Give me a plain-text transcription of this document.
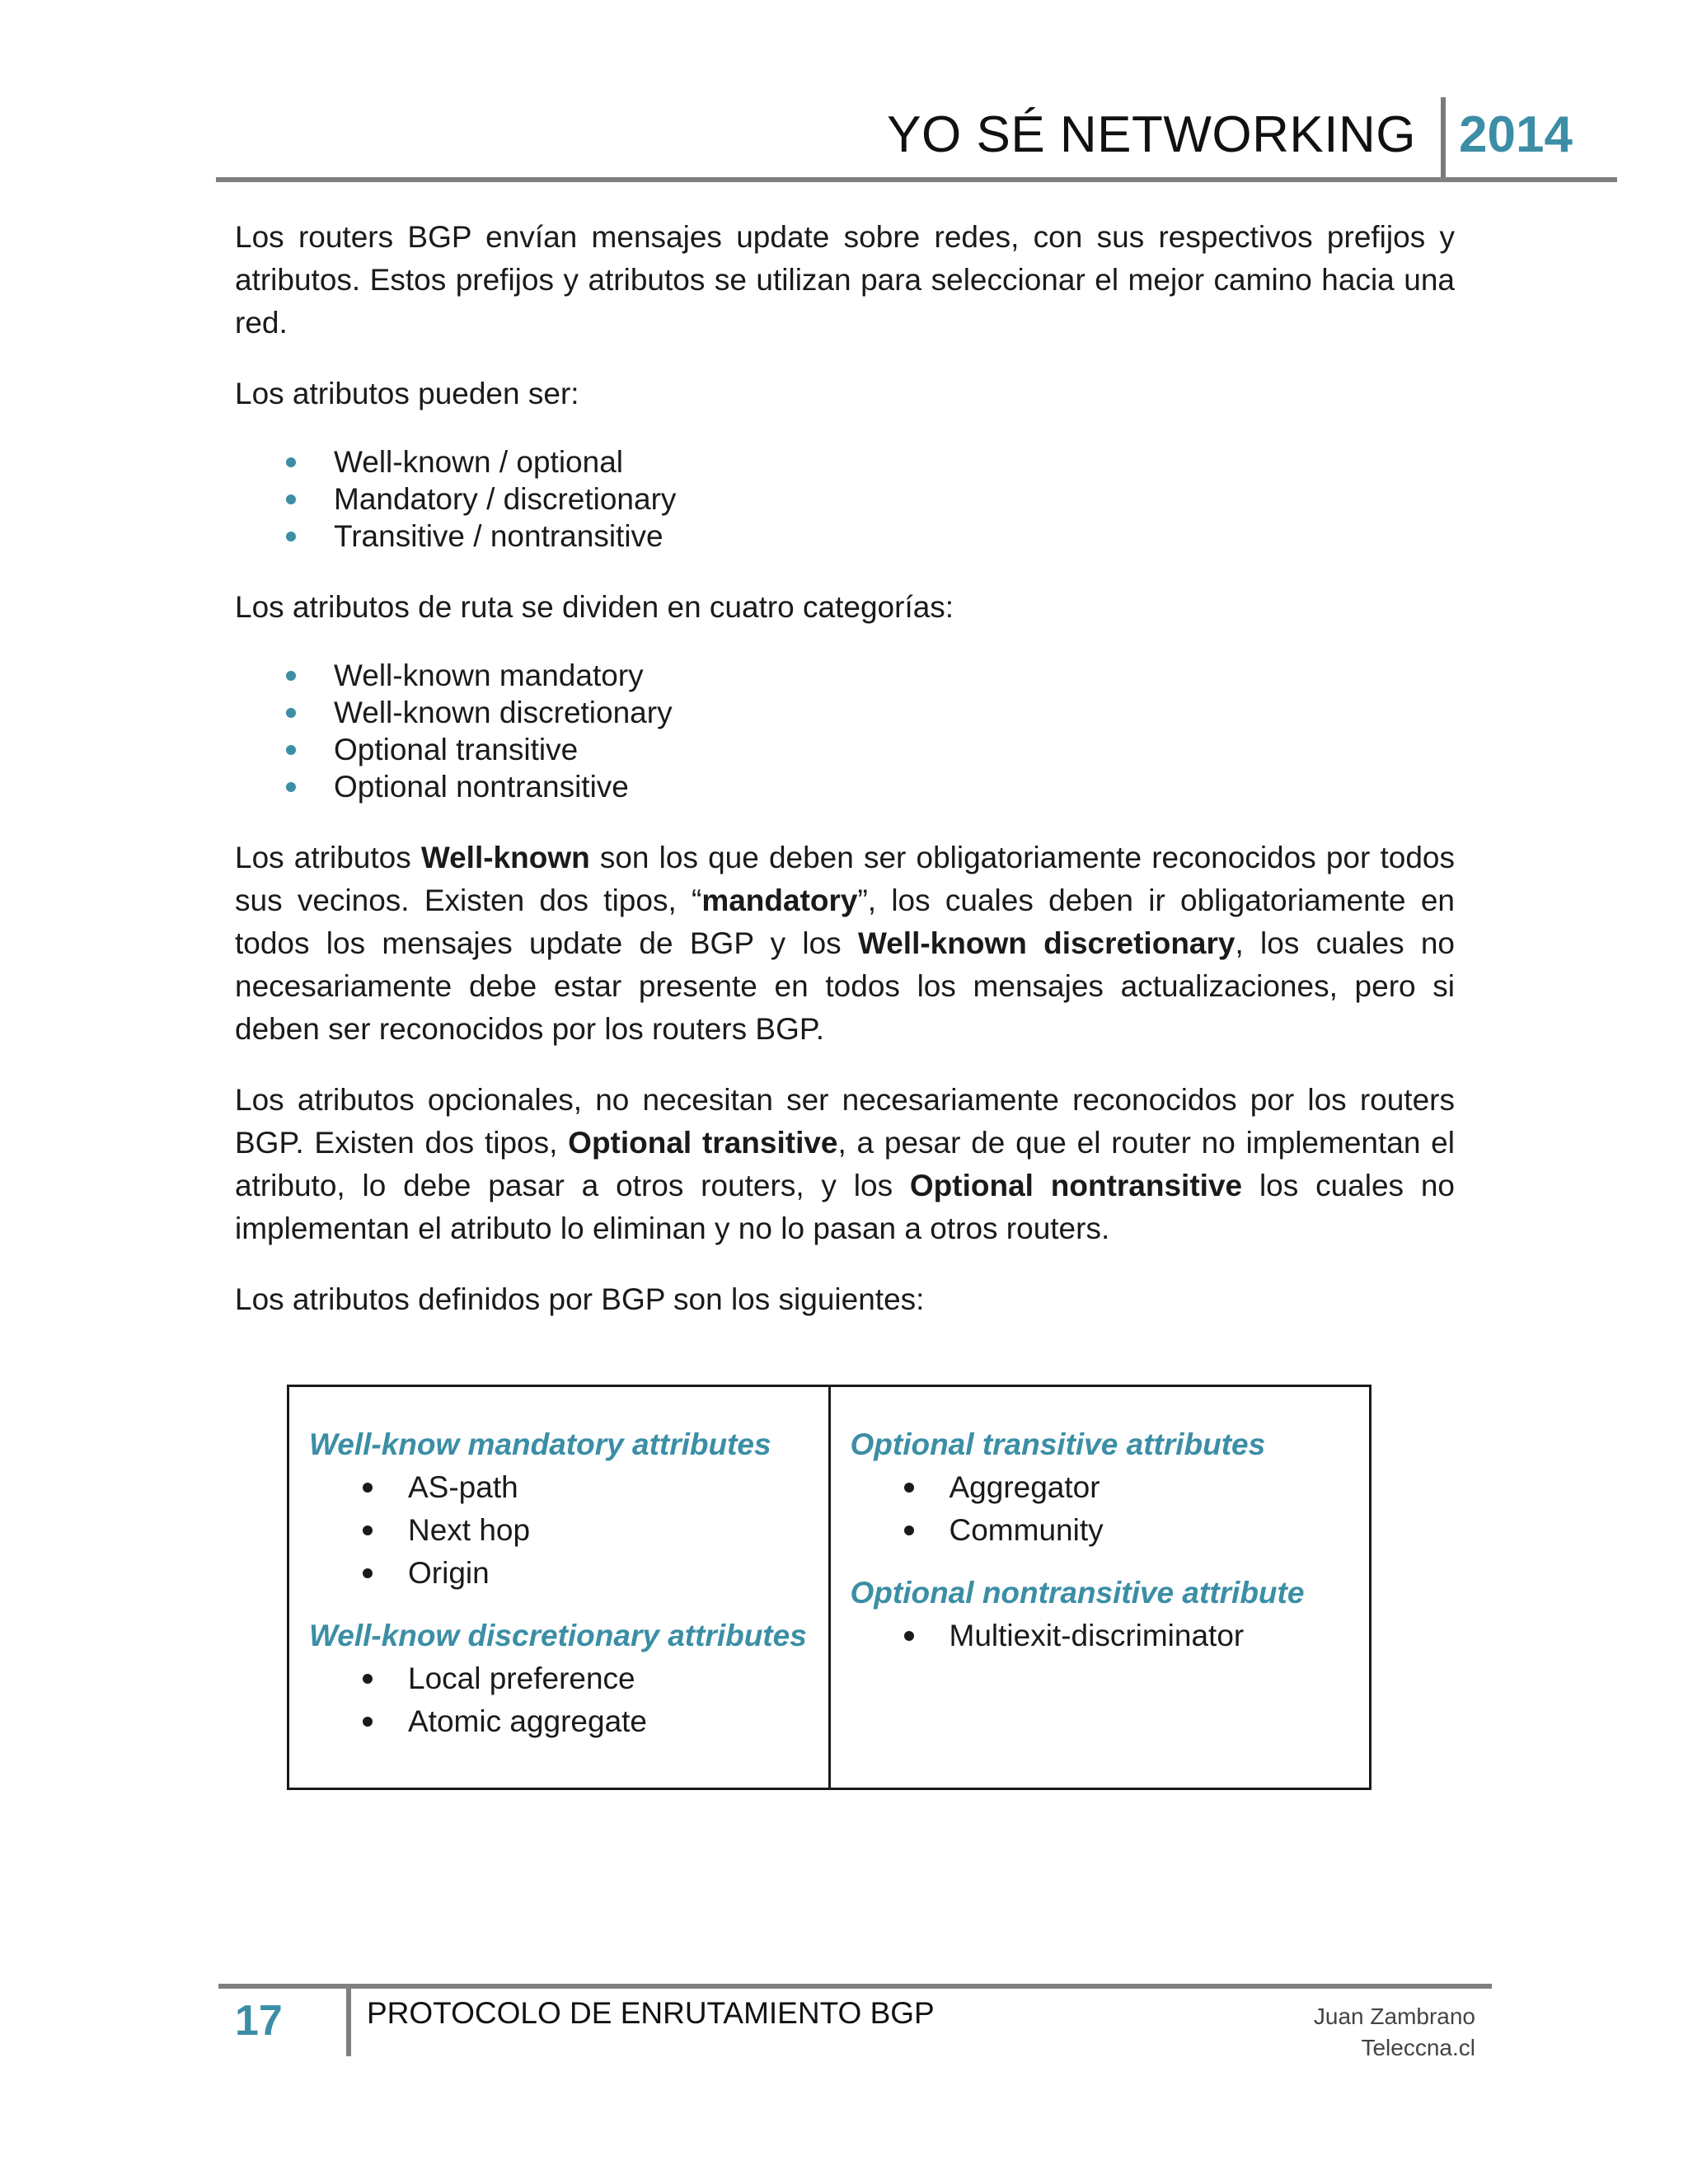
YO SÉ NETWORKING 2014

Los routers BGP envían mensajes update sobre redes, con sus respectivos prefijos y atributos. Estos prefijos y atributos se utilizan para seleccionar el mejor camino hacia una red.

Los atributos pueden ser:

Well-known / optional
Mandatory / discretionary
Transitive / nontransitive

Los atributos de ruta se dividen en cuatro categorías:

Well-known mandatory
Well-known discretionary
Optional transitive
Optional nontransitive

Los atributos Well-known son los que deben ser obligatoriamente reconocidos por todos sus vecinos. Existen dos tipos, “mandatory”, los cuales deben ir obligatoriamente en todos los mensajes update de BGP y los Well-known discretionary, los cuales no necesariamente debe estar presente en todos los mensajes actualizaciones, pero si deben ser reconocidos por los routers BGP.

Los atributos opcionales, no necesitan ser necesariamente reconocidos por los routers BGP. Existen dos tipos, Optional transitive, a pesar de que el router no implementan el atributo, lo debe pasar a otros routers, y los Optional nontransitive los cuales no implementan el atributo lo eliminan y no lo pasan a otros routers.

Los atributos definidos por BGP son los siguientes:

Well-know mandatory attributes
AS-path
Next hop
Origin
Well-know discretionary attributes
Local preference
Atomic aggregate
Optional transitive attributes
Aggregator
Community
Optional nontransitive attribute
Multiexit-discriminator
17	PROTOCOLO DE ENRUTAMIENTO BGP	Juan Zambrano
Teleccna.cl
